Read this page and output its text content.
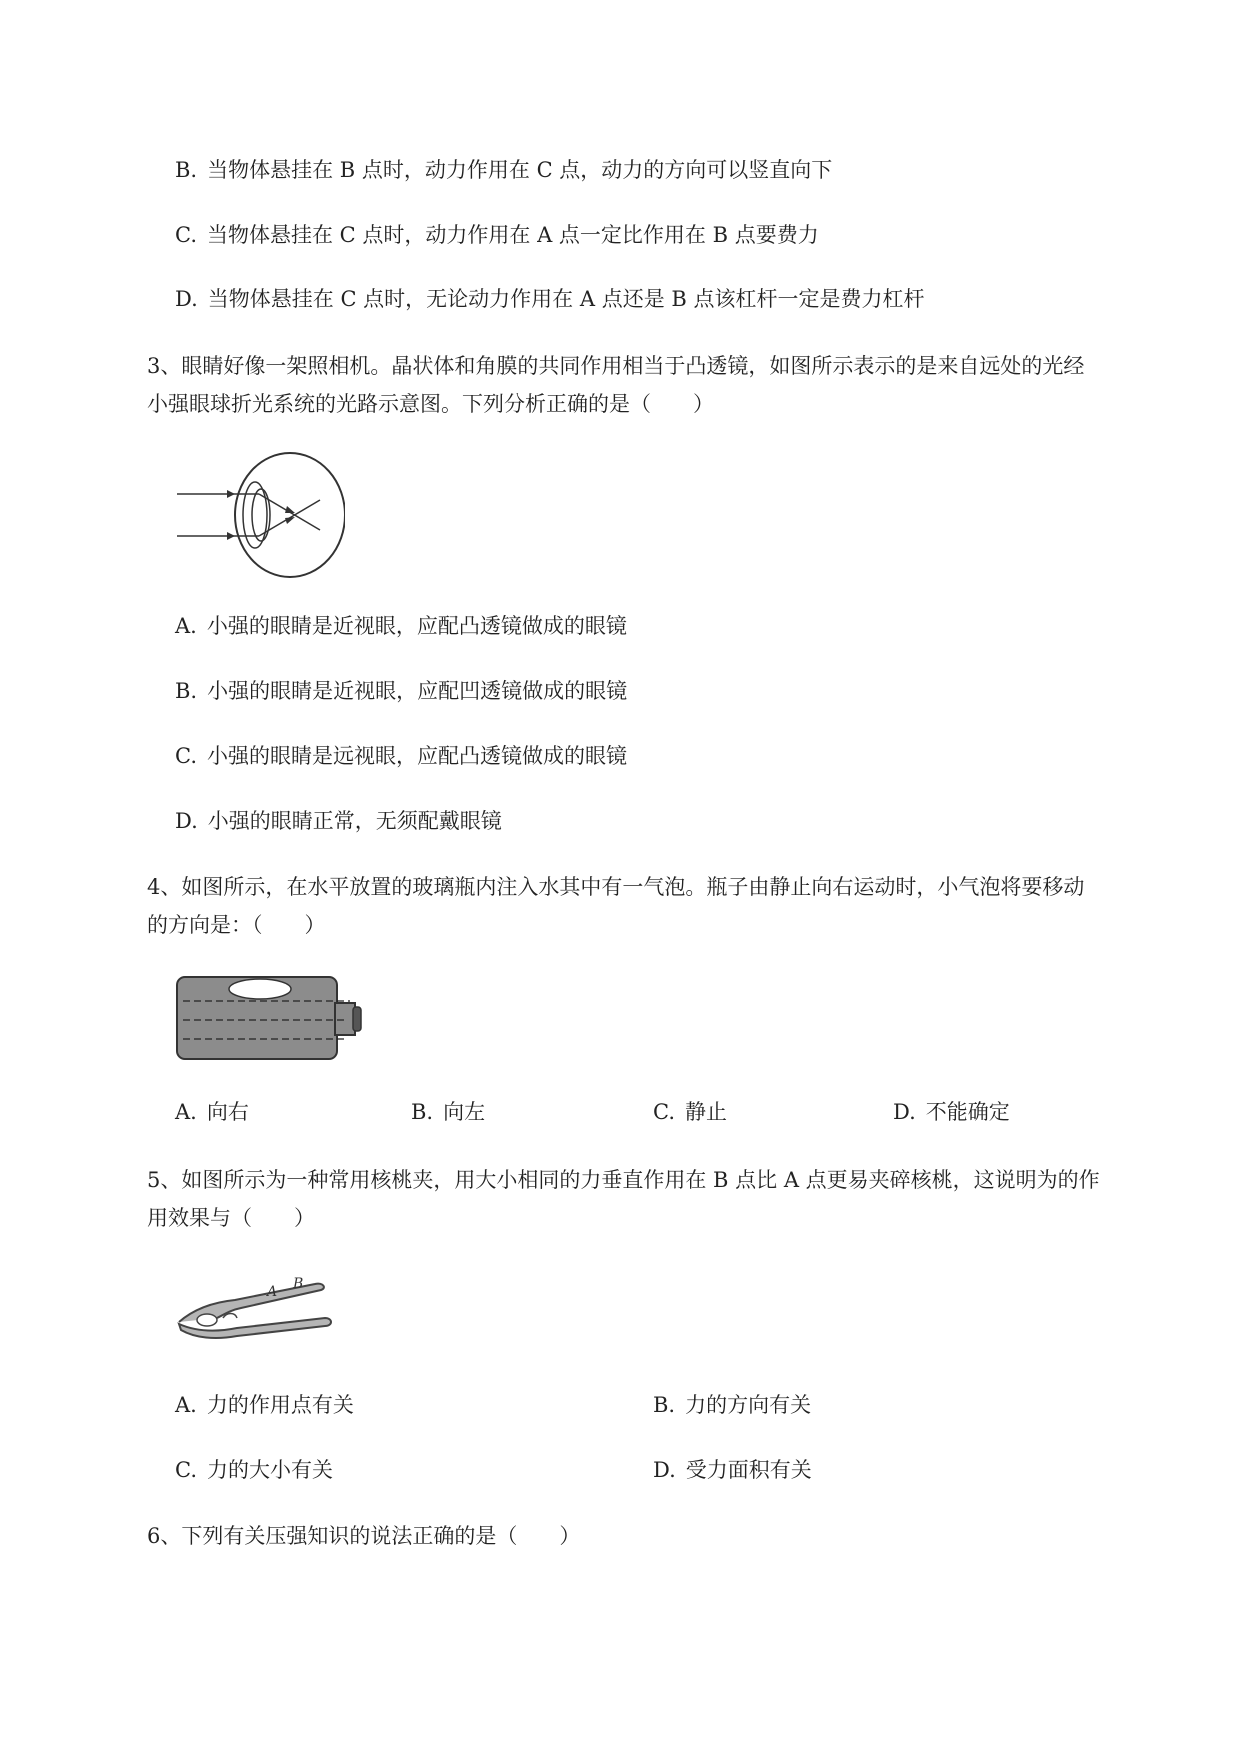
B. 当物体悬挂在 B 点时，动力作用在 C 点，动力的方向可以竖直向下
C. 当物体悬挂在 C 点时，动力作用在 A 点一定比作用在 B 点要费力
D. 当物体悬挂在 C 点时，无论动力作用在 A 点还是 B 点该杠杆一定是费力杠杆
3、眼睛好像一架照相机。晶状体和角膜的共同作用相当于凸透镜，如图所示表示的是来自远处的光经
小强眼球折光系统的光路示意图。下列分析正确的是（　　）
A. 小强的眼睛是近视眼，应配凸透镜做成的眼镜
B. 小强的眼睛是近视眼，应配凹透镜做成的眼镜
C. 小强的眼睛是远视眼，应配凸透镜做成的眼镜
D. 小强的眼睛正常，无须配戴眼镜
4、如图所示，在水平放置的玻璃瓶内注入水其中有一气泡。瓶子由静止向右运动时，小气泡将要移动
的方向是：（　　）
A. 向右	B. 向左	C. 静止	D. 不能确定
5、如图所示为一种常用核桃夹，用大小相同的力垂直作用在 B 点比 A 点更易夹碎核桃，这说明为的作
用效果与（　　）
A B
A. 力的作用点有关	B. 力的方向有关
C. 力的大小有关	D. 受力面积有关
6、下列有关压强知识的说法正确的是（　　）
